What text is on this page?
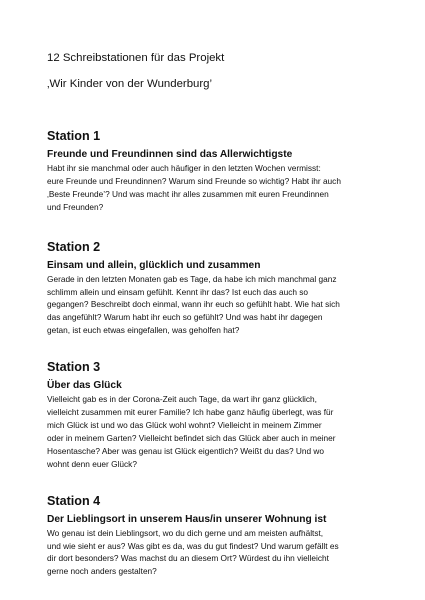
12 Schreibstationen für das Projekt

‚Wir Kinder von der Wunderburg’

Station 1
Freunde und Freundinnen sind das Allerwichtigste

Habt ihr sie manchmal oder auch häufiger in den letzten Wochen vermisst:
eure Freunde und Freundinnen? Warum sind Freunde so wichtig? Habt ihr auch
‚Beste Freunde’? Und was macht ihr alles zusammen mit euren Freundinnen
und Freunden?

Station 2
Einsam und allein, glücklich und zusammen

Gerade in den letzten Monaten gab es Tage, da habe ich mich manchmal ganz
schlimm allein und einsam gefühlt. Kennt ihr das? Ist euch das auch so
gegangen? Beschreibt doch einmal, wann ihr euch so gefühlt habt. Wie hat sich
das angefühlt? Warum habt ihr euch so gefühlt? Und was habt ihr dagegen
getan, ist euch etwas eingefallen, was geholfen hat?

Station 3
Über das Glück

Vielleicht gab es in der Corona-Zeit auch Tage, da wart ihr ganz glücklich,
vielleicht zusammen mit eurer Familie? Ich habe ganz häufig überlegt, was für
mich Glück ist und wo das Glück wohl wohnt? Vielleicht in meinem Zimmer
oder in meinem Garten? Vielleicht befindet sich das Glück aber auch in meiner
Hosentasche? Aber was genau ist Glück eigentlich? Weißt du das? Und wo
wohnt denn euer Glück?

Station 4
Der Lieblingsort in unserem Haus/in unserer Wohnung ist

Wo genau ist dein Lieblingsort, wo du dich gerne und am meisten aufhältst,
und wie sieht er aus? Was gibt es da, was du gut findest? Und warum gefällt es
dir dort besonders? Was machst du an diesem Ort? Würdest du ihn vielleicht
gerne noch anders gestalten?
